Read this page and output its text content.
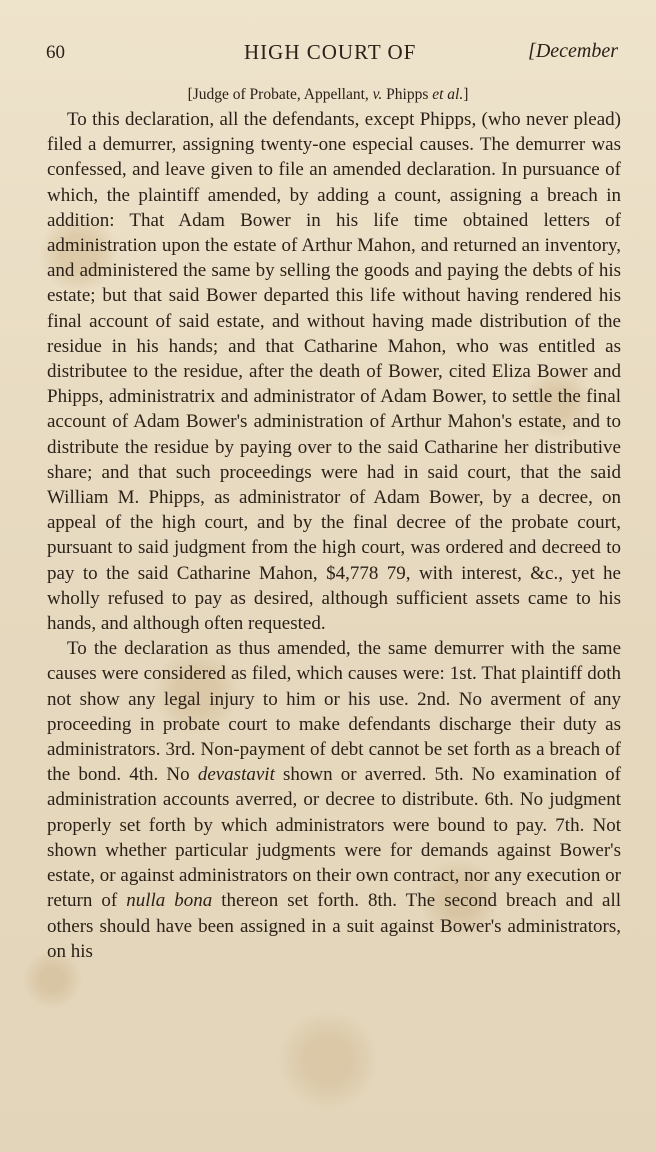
60	HIGH COURT OF	[December
[Judge of Probate, Appellant, v. Phipps et al.]

To this declaration, all the defendants, except Phipps, (who never plead) filed a demurrer, assigning twenty-one especial causes. The demurrer was confessed, and leave given to file an amended declaration. In pursuance of which, the plaintiff amended, by adding a count, assigning a breach in addition: That Adam Bower in his life time obtained letters of administration upon the estate of Arthur Mahon, and returned an inventory, and administered the same by selling the goods and paying the debts of his estate; but that said Bower departed this life without having rendered his final account of said estate, and without having made distribution of the residue in his hands; and that Catharine Mahon, who was entitled as distributee to the residue, after the death of Bower, cited Eliza Bower and Phipps, administratrix and administrator of Adam Bower, to settle the final account of Adam Bower's administration of Arthur Mahon's estate, and to distribute the residue by paying over to the said Catharine her distributive share; and that such proceedings were had in said court, that the said William M. Phipps, as administrator of Adam Bower, by a decree, on appeal of the high court, and by the final decree of the probate court, pursuant to said judgment from the high court, was ordered and decreed to pay to the said Catharine Mahon, $4,778 79, with interest, &c., yet he wholly refused to pay as desired, although sufficient assets came to his hands, and although often requested.

To the declaration as thus amended, the same demurrer with the same causes were considered as filed, which causes were: 1st. That plaintiff doth not show any legal injury to him or his use. 2nd. No averment of any proceeding in probate court to make defendants discharge their duty as administrators. 3rd. Non-payment of debt cannot be set forth as a breach of the bond. 4th. No devastavit shown or averred. 5th. No examination of administration accounts averred, or decree to distribute. 6th. No judgment properly set forth by which administrators were bound to pay. 7th. Not shown whether particular judgments were for demands against Bower's estate, or against administrators on their own contract, nor any execution or return of nulla bona thereon set forth. 8th. The second breach and all others should have been assigned in a suit against Bower's administrators, on his
